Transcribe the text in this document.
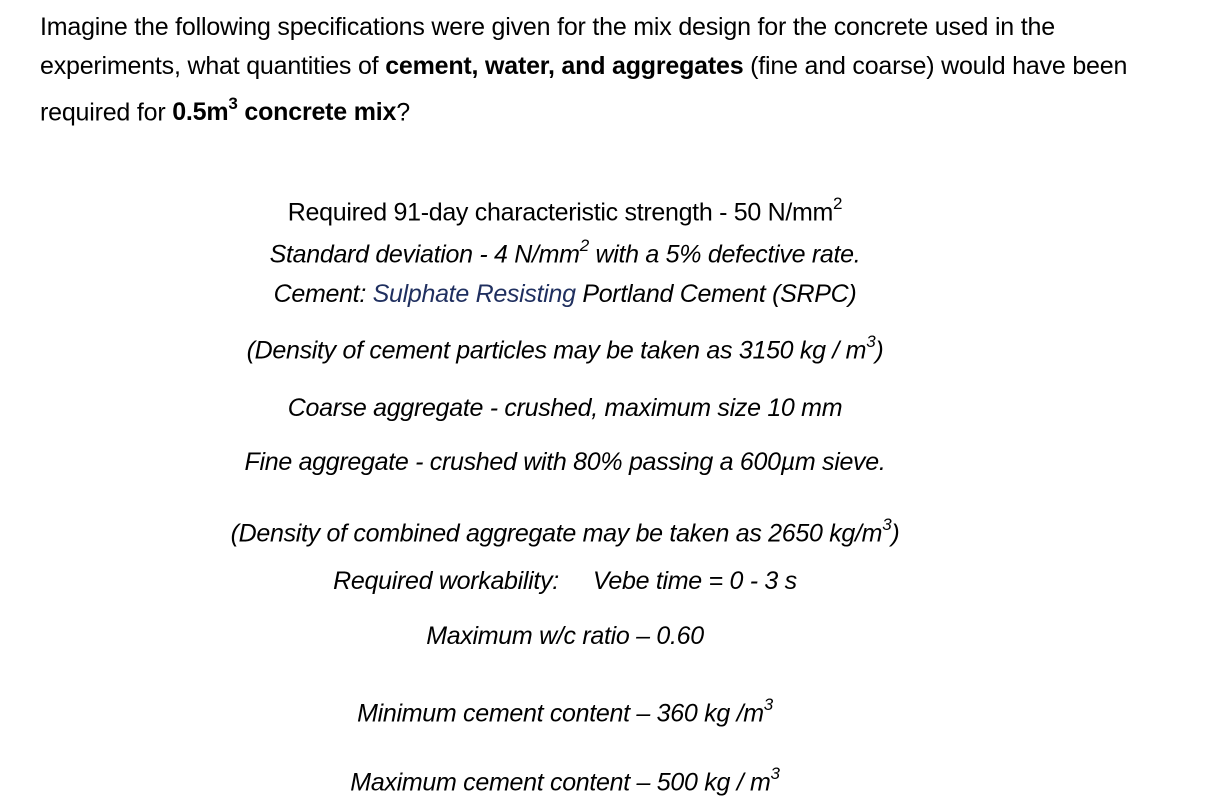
Imagine the following specifications were given for the mix design for the concrete used in the experiments, what quantities of cement, water, and aggregates (fine and coarse) would have been required for $0.5m^3$ concrete mix?
Required 91-day characteristic strength - 50 $N/mm^2$
Standard deviation - 4 $N/mm^2$ with a 5% defective rate.
Cement: Sulphate Resisting Portland Cement (SRPC)
(Density of cement particles may be taken as 3150 kg / $m^3$)
Coarse aggregate - crushed, maximum size 10 mm
Fine aggregate - crushed with 80% passing a 600µm sieve.
(Density of combined aggregate may be taken as 2650 $kg/m^3$)
Required workability: Vebe time = 0 - 3 s
Maximum w/c ratio – 0.60
Minimum cement content – 360 kg $/m^3$
Maximum cement content – 500 kg / $m^3$
